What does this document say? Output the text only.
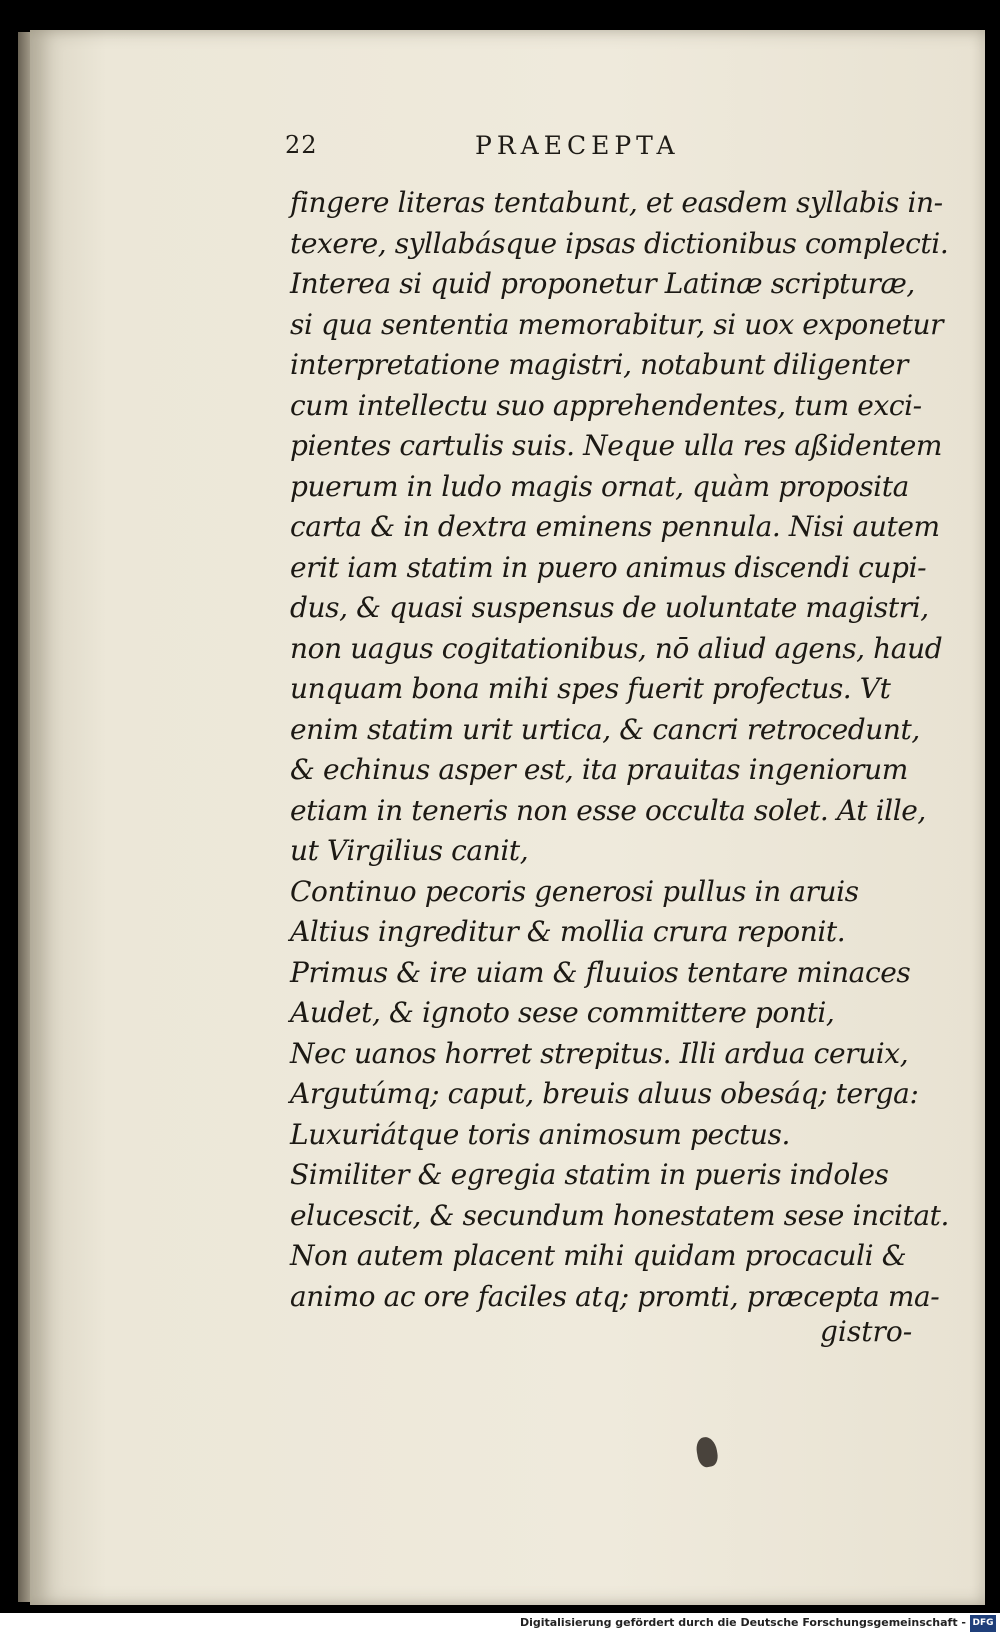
22	PRAECEPTA
fingere literas tentabunt, et easdem syllabis in-
texere, syllabásque ipsas dictionibus complecti.
Interea si quid proponetur Latinæ scripturæ,
si qua sententia memorabitur, si uox exponetur
interpretatione magistri, notabunt diligenter
cum intellectu suo apprehendentes, tum exci-
pientes cartulis suis. Neque ulla res aßidentem
puerum in ludo magis ornat, quàm proposita
carta & in dextra eminens pennula. Nisi autem
erit iam statim in puero animus discendi cupi-
dus, & quasi suspensus de uoluntate magistri,
non uagus cogitationibus, nō aliud agens, haud
unquam bona mihi spes fuerit profectus. Vt
enim statim urit urtica, & cancri retrocedunt,
& echinus asper est, ita prauitas ingeniorum
etiam in teneris non esse occulta solet. At ille,
ut Virgilius canit,
Continuo pecoris generosi pullus in aruis
Altius ingreditur & mollia crura reponit.
Primus & ire uiam & fluuios tentare minaces
Audet, & ignoto sese committere ponti,
Nec uanos horret strepitus. Illi ardua ceruix,
Argutúmq; caput, breuis aluus obesáq; terga:
Luxuriátque toris animosum pectus.
Similiter & egregia statim in pueris indoles
elucescit, & secundum honestatem sese incitat.
Non autem placent mihi quidam procaculi &
animo ac ore faciles atq; promti, præcepta ma-
gistro-
Digitalisierung gefördert durch die Deutsche Forschungsgemeinschaft - DFG
